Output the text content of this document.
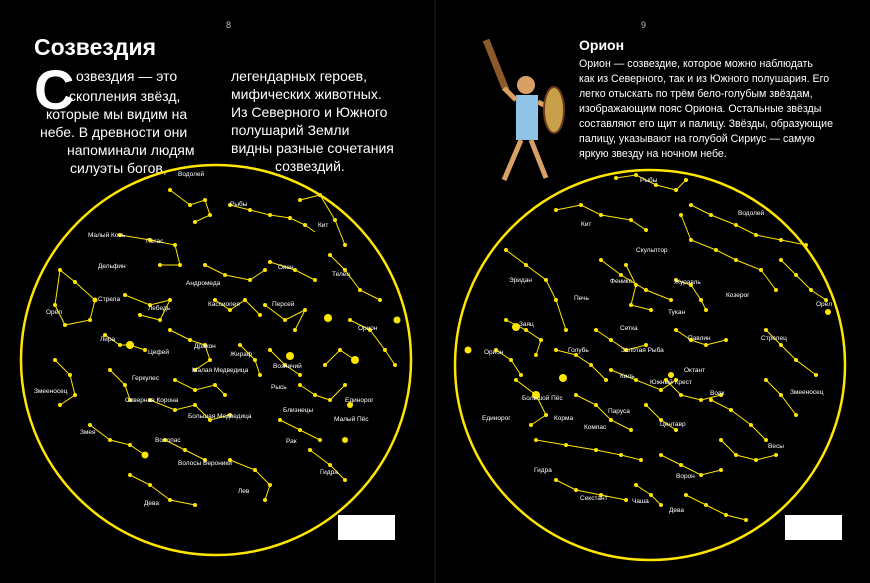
8
Созвездия
С озвездия — это
скопления звёзд,
которые мы видим на
небе. В древности они
напоминали людям
силуэты богов,
легендарных героев,
мифических животных.
Из Северного и Южного
полушарий Земли
видны разные сочетания
созвездий.
Водолей
Рыбы
Кит
Малый Конь
Пегас
Дельфин
Андромеда
Овен
Телец
Орёл
Стрела
Лебедь
Кассиопея	Персей
Орион
Лира
Цефей
Дракон
Жираф
Геркулес
Малая Медведица
Возничий
Змееносец
Северная Корона
Большая Медведица
Рысь
Единорог
Змея
Волопас
Близнецы
Малый Пёс
Рак
Волосы Вероники
Гидра
Лев
Дева
9
Орион
Орион — созвездие, которое можно наблюдать
как из Северного, так и из Южного полушария. Его
легко отыскать по трём бело-голубым звёздам,
изображающим пояс Ориона. Остальные звёзды
составляют его щит и палицу. Звёзды, образующие
палицу, указывают на голубой Сириус — самую
яркую звезду на ночном небе.
Рыбы
Кит
Водолей
Скульптор
Эридан	Феникс	Журавль
Козерог
Печь
Тукан
Орёл
Заяц
Сетка
Павлин	Стрелец
Орион	Голубь	Золотая Рыба
Октант
Киль
Южный Крест
Волк	Змееносец
Большой Пёс
Корма
Паруса
Центавр
Единорог
Компас
Весы
Гидра
Ворон
Секстант	Чаша
Дева
